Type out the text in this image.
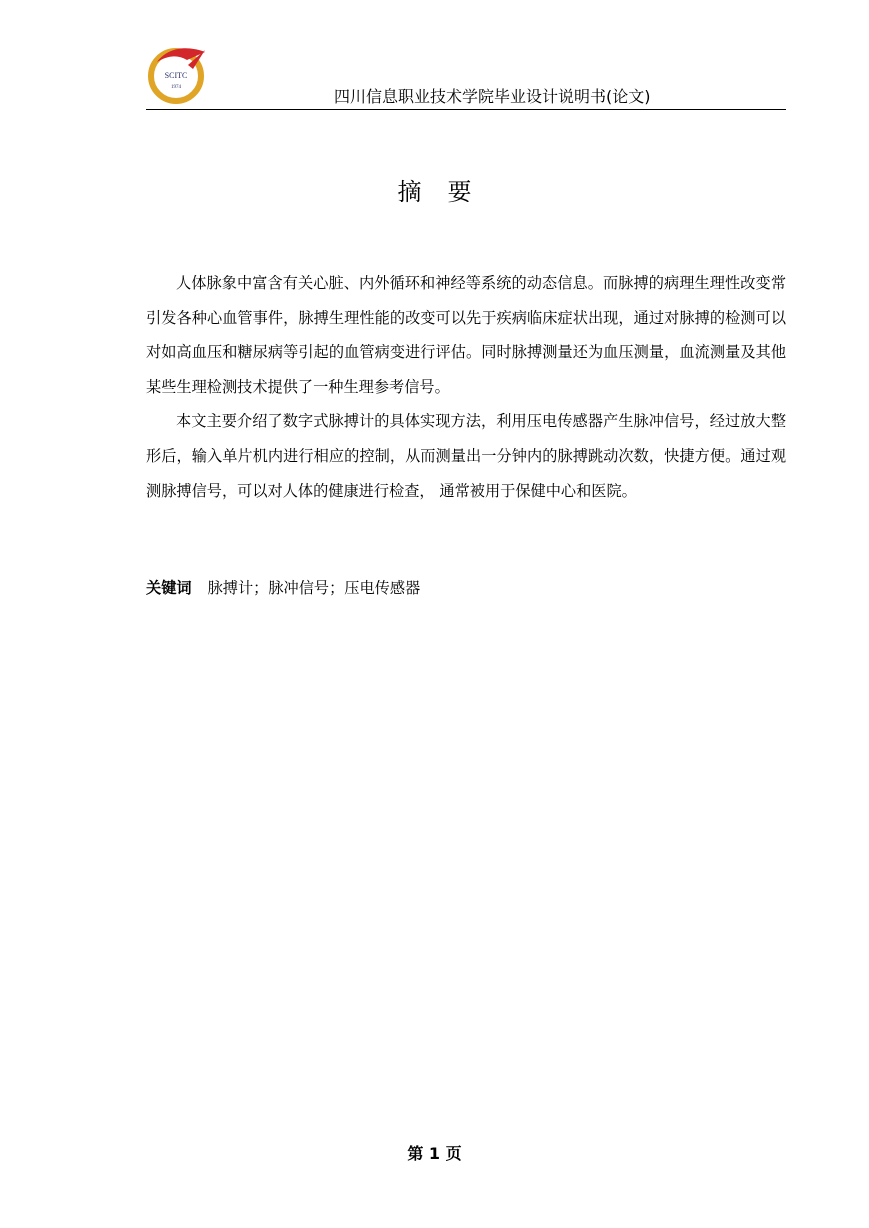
SCITC
1974	四川信息职业技术学院毕业设计说明书(论文)
摘要

人体脉象中富含有关心脏、内外循环和神经等系统的动态信息。而脉搏的病理生理性改变常引发各种心血管事件，脉搏生理性能的改变可以先于疾病临床症状出现，通过对脉搏的检测可以对如高血压和糖尿病等引起的血管病变进行评估。同时脉搏测量还为血压测量，血流测量及其他某些生理检测技术提供了一种生理参考信号。

本文主要介绍了数字式脉搏计的具体实现方法，利用压电传感器产生脉冲信号，经过放大整形后，输入单片机内进行相应的控制，从而测量出一分钟内的脉搏跳动次数，快捷方便。通过观测脉搏信号，可以对人体的健康进行检查， 通常被用于保健中心和医院。

关键词 脉搏计；脉冲信号；压电传感器
第 1 页
